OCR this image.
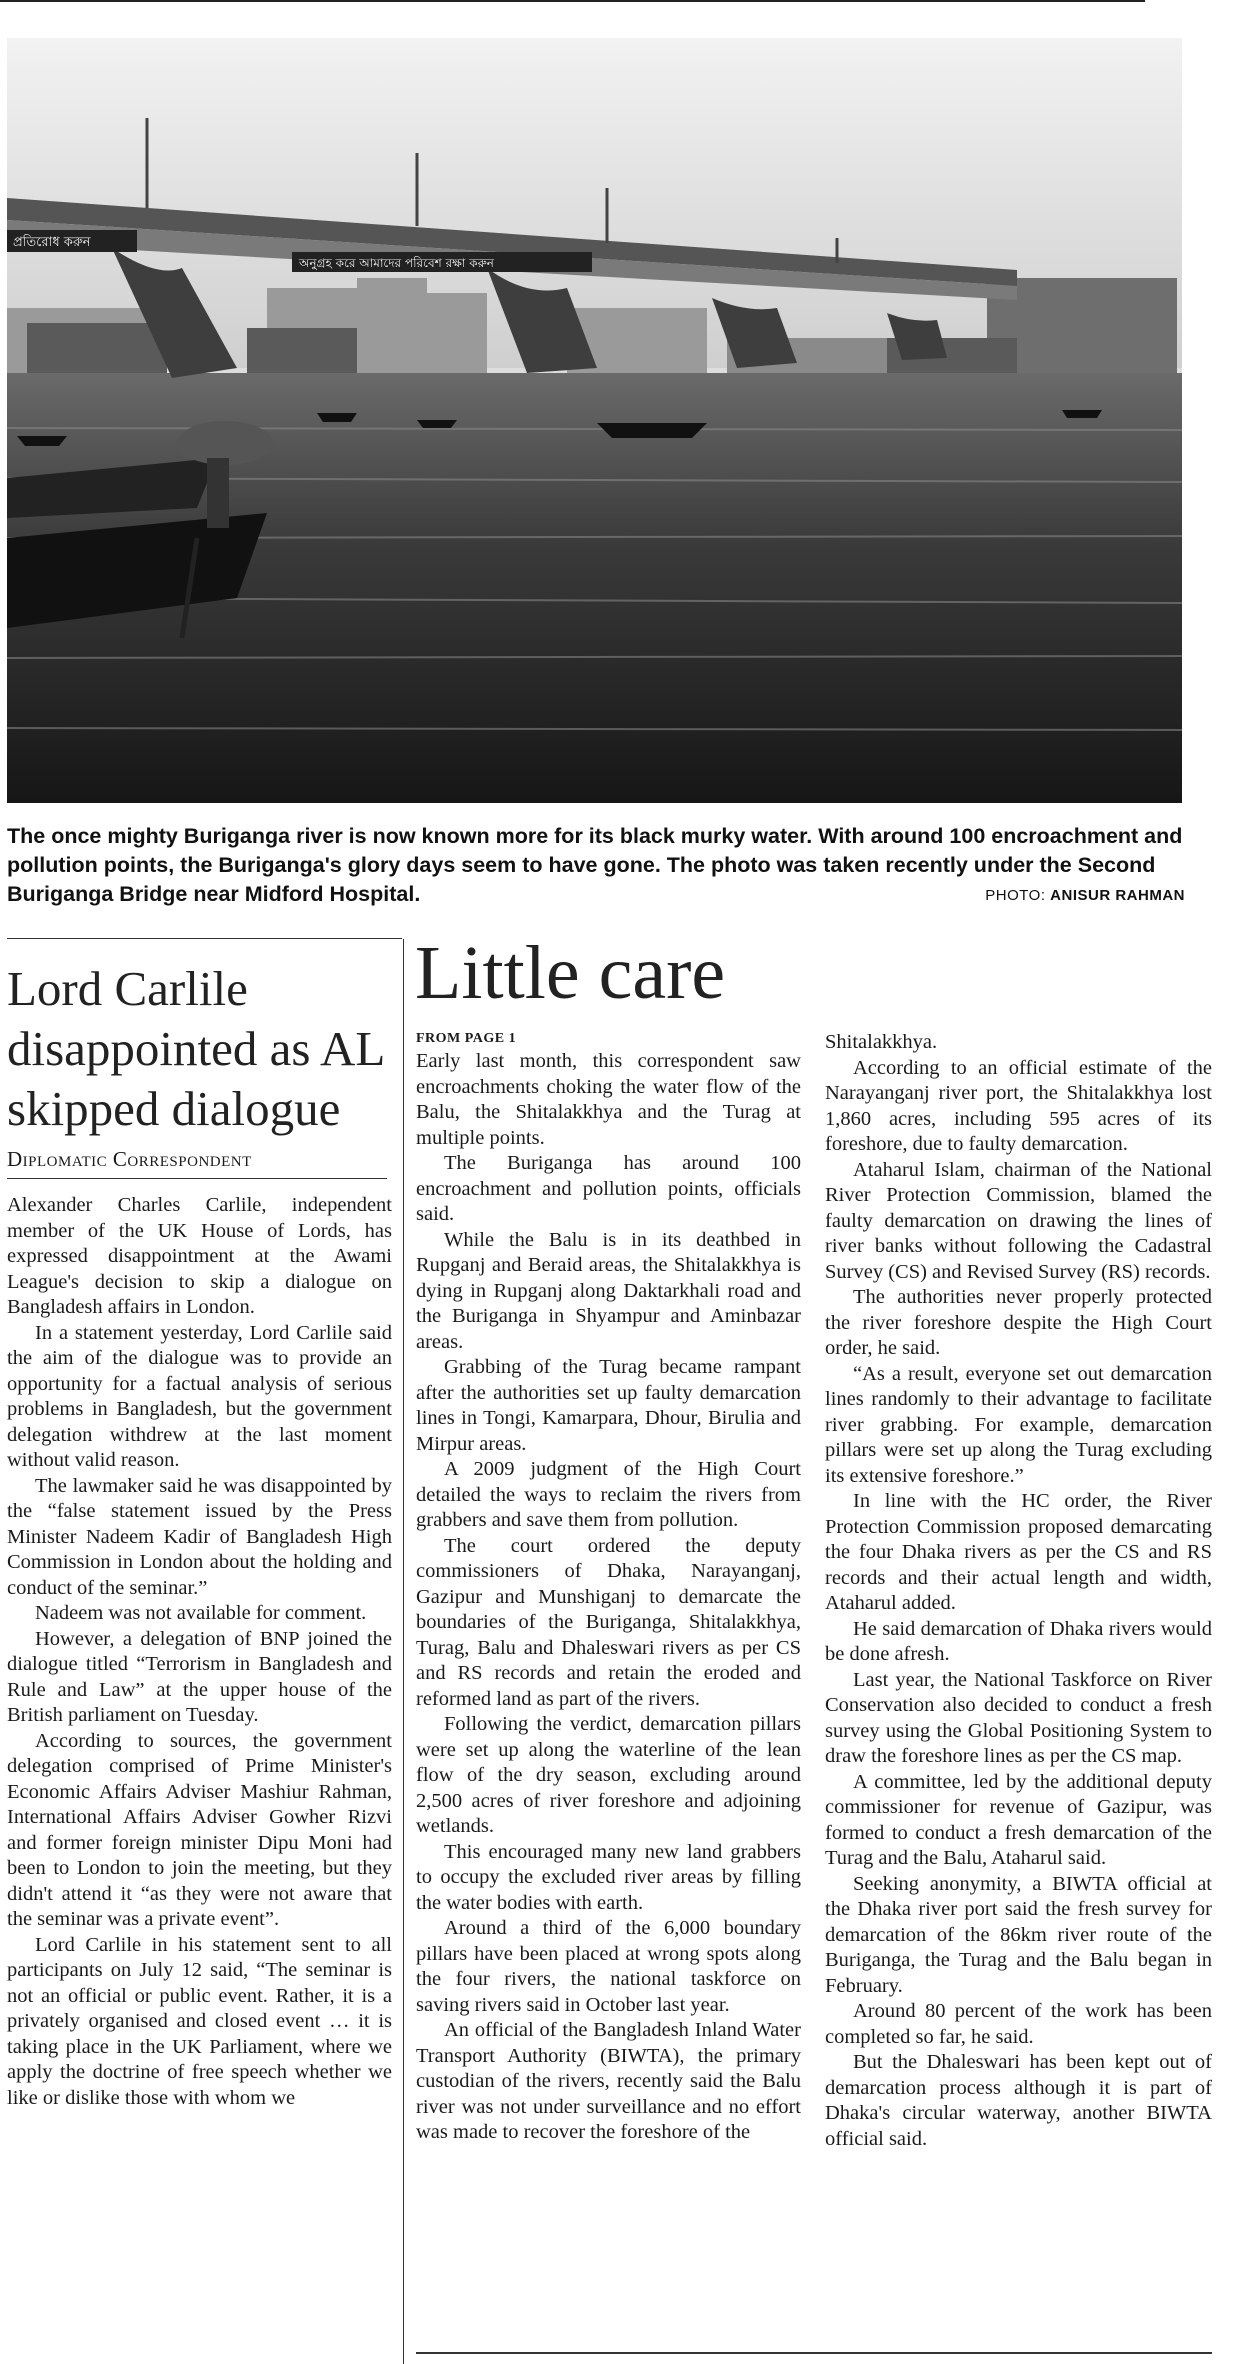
প্রতিরোধ করুন
অনুগ্রহ করে আমাদের পরিবেশ রক্ষা করুন
The once mighty Buriganga river is now known more for its black murky water. With around 100 encroachment and pollution points, the Buriganga's glory days seem to have gone. The photo was taken recently under the Second Buriganga Bridge near Midford Hospital.	PHOTO: ANISUR RAHMAN
Lord Carlile disappointed as AL skipped dialogue
Diplomatic Correspondent

Alexander Charles Carlile, independent member of the UK House of Lords, has expressed disappointment at the Awami League's decision to skip a dialogue on Bangladesh affairs in London.

In a statement yesterday, Lord Carlile said the aim of the dialogue was to provide an opportunity for a factual analysis of serious problems in Bangladesh, but the government delegation withdrew at the last moment without valid reason.

The lawmaker said he was disappointed by the “false statement issued by the Press Minister Nadeem Kadir of Bangladesh High Commission in London about the holding and conduct of the seminar.”

Nadeem was not available for comment.

However, a delegation of BNP joined the dialogue titled “Terrorism in Bangladesh and Rule and Law” at the upper house of the British parliament on Tuesday.

According to sources, the government delegation comprised of Prime Minister's Economic Affairs Adviser Mashiur Rahman, International Affairs Adviser Gowher Rizvi and former foreign minister Dipu Moni had been to London to join the meeting, but they didn't attend it “as they were not aware that the seminar was a private event”.

Lord Carlile in his statement sent to all participants on July 12 said, “The seminar is not an official or public event. Rather, it is a privately organised and closed event … it is taking place in the UK Parliament, where we apply the doctrine of free speech whether we like or dislike those with whom we

Little care
FROM PAGE 1

Early last month, this correspondent saw encroachments choking the water flow of the Balu, the Shitalakkhya and the Turag at multiple points.

The Buriganga has around 100 encroachment and pollution points, officials said.

While the Balu is in its deathbed in Rupganj and Beraid areas, the Shitalakkhya is dying in Rupganj along Daktarkhali road and the Buriganga in Shyampur and Aminbazar areas.

Grabbing of the Turag became rampant after the authorities set up faulty demarcation lines in Tongi, Kamarpara, Dhour, Birulia and Mirpur areas.

A 2009 judgment of the High Court detailed the ways to reclaim the rivers from grabbers and save them from pollution.

The court ordered the deputy commissioners of Dhaka, Narayanganj, Gazipur and Munshiganj to demarcate the boundaries of the Buriganga, Shitalakkhya, Turag, Balu and Dhaleswari rivers as per CS and RS records and retain the eroded and reformed land as part of the rivers.

Following the verdict, demarcation pillars were set up along the waterline of the lean flow of the dry season, excluding around 2,500 acres of river foreshore and adjoining wetlands.

This encouraged many new land grabbers to occupy the excluded river areas by filling the water bodies with earth.

Around a third of the 6,000 boundary pillars have been placed at wrong spots along the four rivers, the national taskforce on saving rivers said in October last year.

An official of the Bangladesh Inland Water Transport Authority (BIWTA), the primary custodian of the rivers, recently said the Balu river was not under surveillance and no effort was made to recover the foreshore of the

Shitalakkhya.

According to an official estimate of the Narayanganj river port, the Shitalakkhya lost 1,860 acres, including 595 acres of its foreshore, due to faulty demarcation.

Ataharul Islam, chairman of the National River Protection Commission, blamed the faulty demarcation on drawing the lines of river banks without following the Cadastral Survey (CS) and Revised Survey (RS) records.

The authorities never properly protected the river foreshore despite the High Court order, he said.

“As a result, everyone set out demarcation lines randomly to their advantage to facilitate river grabbing. For example, demarcation pillars were set up along the Turag excluding its extensive foreshore.”

In line with the HC order, the River Protection Commission proposed demarcating the four Dhaka rivers as per the CS and RS records and their actual length and width, Ataharul added.

He said demarcation of Dhaka rivers would be done afresh.

Last year, the National Taskforce on River Conservation also decided to conduct a fresh survey using the Global Positioning System to draw the foreshore lines as per the CS map.

A committee, led by the additional deputy commissioner for revenue of Gazipur, was formed to conduct a fresh demarcation of the Turag and the Balu, Ataharul said.

Seeking anonymity, a BIWTA official at the Dhaka river port said the fresh survey for demarcation of the 86km river route of the Buriganga, the Turag and the Balu began in February.

Around 80 percent of the work has been completed so far, he said.

But the Dhaleswari has been kept out of demarcation process although it is part of Dhaka's circular waterway, another BIWTA official said.
